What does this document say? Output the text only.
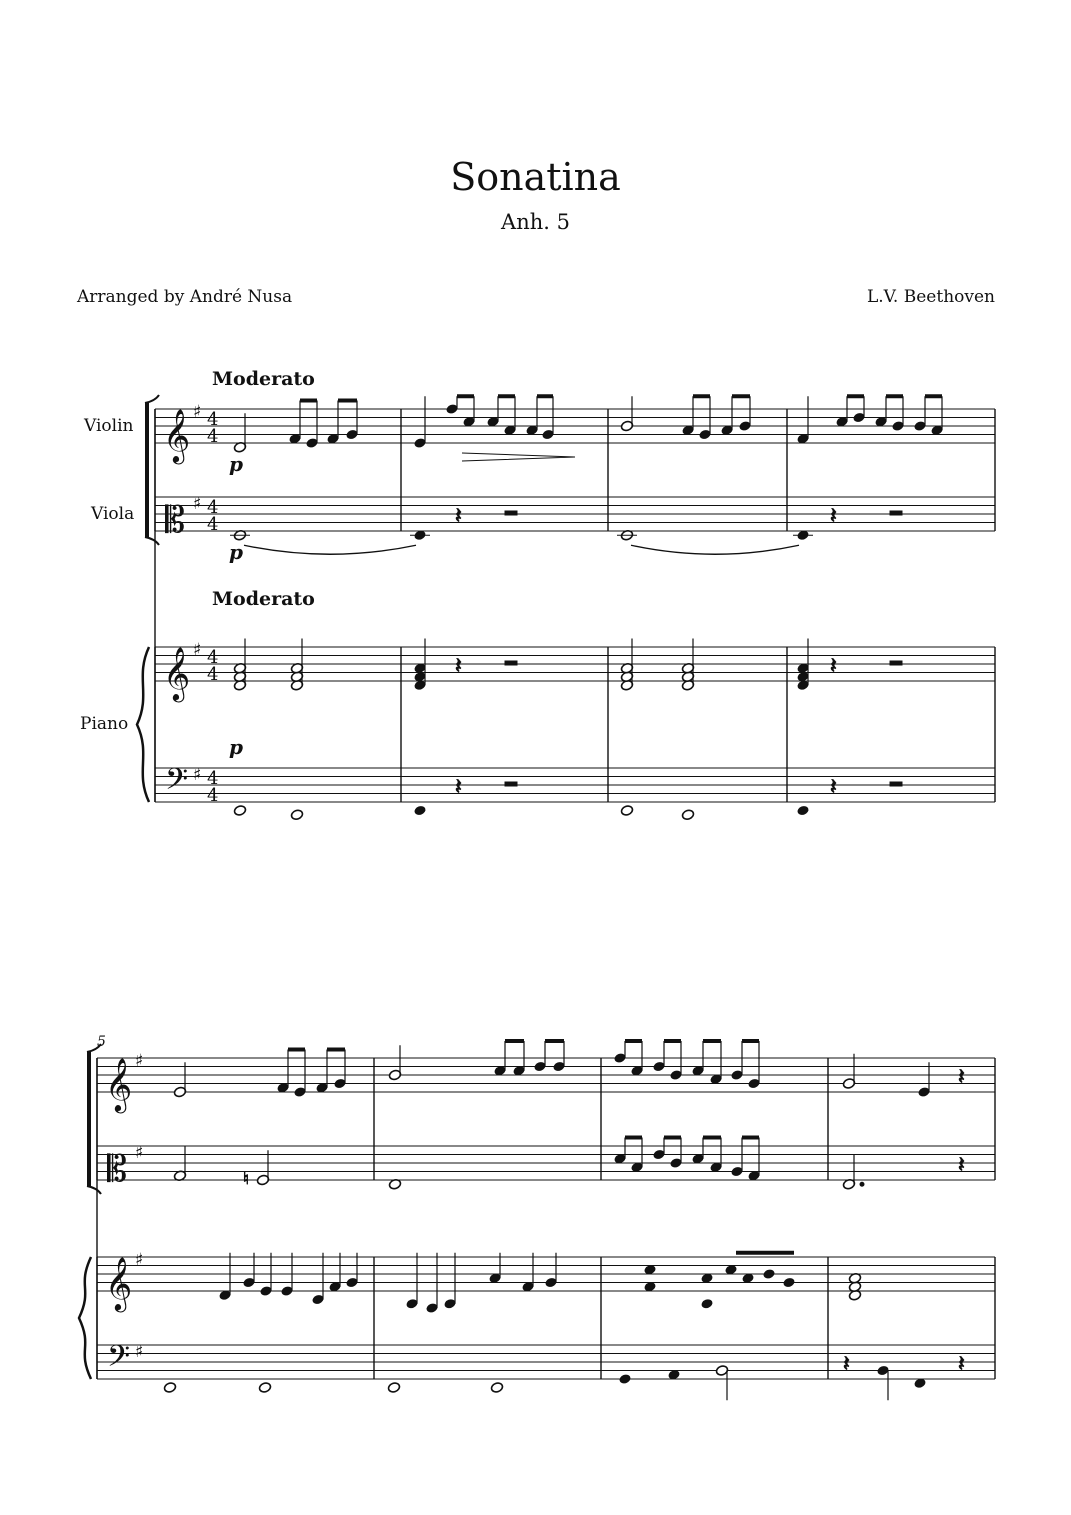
Sonatina
Anh. 5
Arranged by André Nusa	L.V. Beethoven
Violin
Viola
Piano
Moderato
Moderato
5
𝄞
𝄡
𝄞
𝄢
♯
♯
♯
♯
4
4
4
4
4
4
4
4
𝄞
𝄡
𝄞
𝄢
♯
♯
♯
♯
𝄽	𝄽
𝄽	𝄽
𝄽	𝄽
𝄽
♮
𝄽
𝄽	𝄽
p
p
p
